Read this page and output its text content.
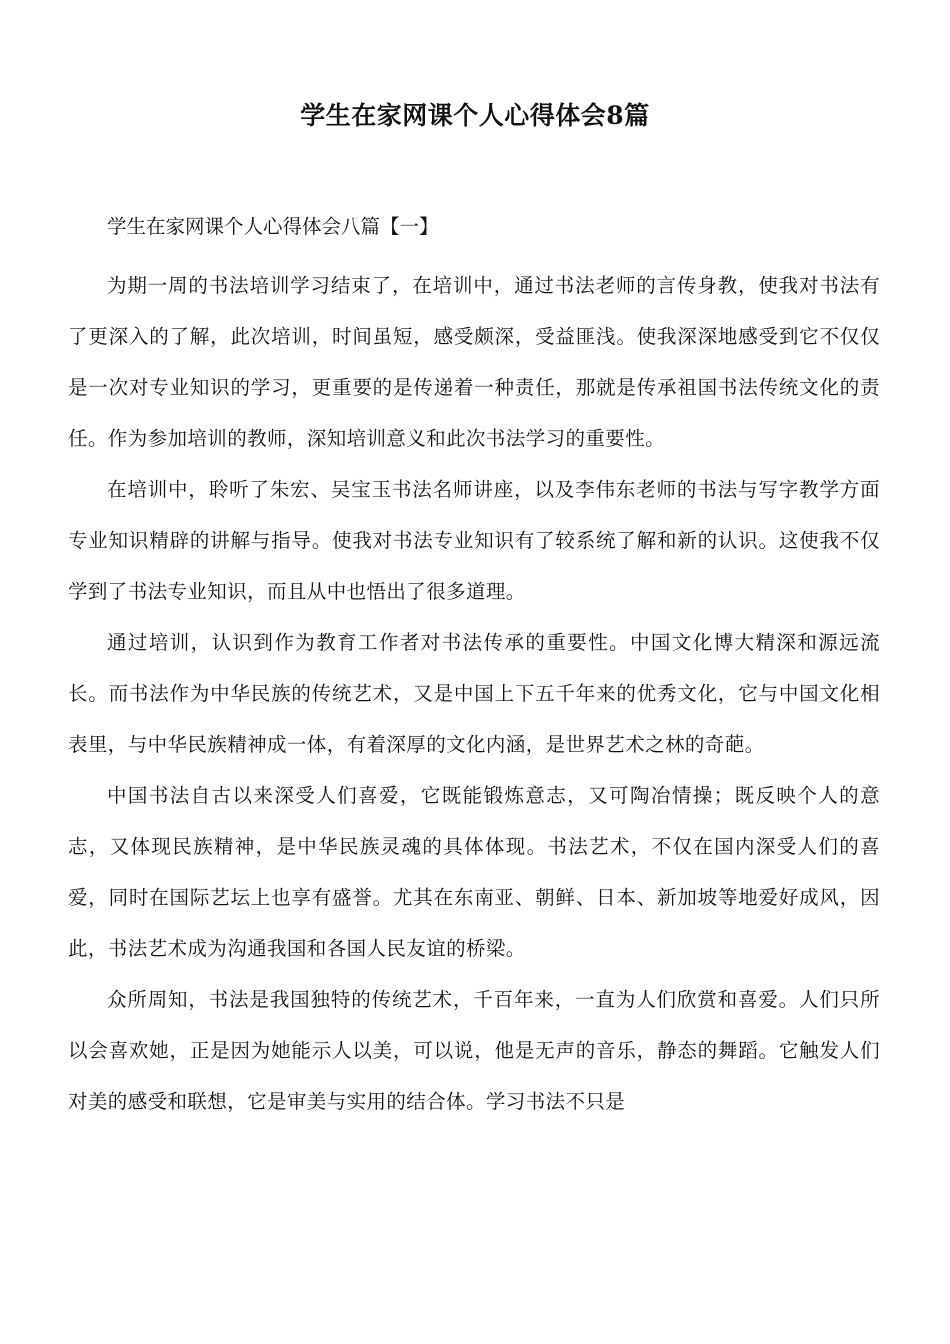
学生在家网课个人心得体会8篇

学生在家网课个人心得体会八篇【一】

为期一周的书法培训学习结束了，在培训中，通过书法老师的言传身教，使我对书法有了更深入的了解，此次培训，时间虽短，感受颇深，受益匪浅。使我深深地感受到它不仅仅是一次对专业知识的学习，更重要的是传递着一种责任，那就是传承祖国书法传统文化的责任。作为参加培训的教师，深知培训意义和此次书法学习的重要性。

在培训中，聆听了朱宏、吴宝玉书法名师讲座，以及李伟东老师的书法与写字教学方面专业知识精辟的讲解与指导。使我对书法专业知识有了较系统了解和新的认识。这使我不仅学到了书法专业知识，而且从中也悟出了很多道理。

通过培训，认识到作为教育工作者对书法传承的重要性。中国文化博大精深和源远流长。而书法作为中华民族的传统艺术，又是中国上下五千年来的优秀文化，它与中国文化相表里，与中华民族精神成一体，有着深厚的文化内涵，是世界艺术之林的奇葩。

中国书法自古以来深受人们喜爱，它既能锻炼意志，又可陶冶情操；既反映个人的意志，又体现民族精神，是中华民族灵魂的具体体现。书法艺术，不仅在国内深受人们的喜爱，同时在国际艺坛上也享有盛誉。尤其在东南亚、朝鲜、日本、新加坡等地爱好成风，因此，书法艺术成为沟通我国和各国人民友谊的桥梁。

众所周知，书法是我国独特的传统艺术，千百年来，一直为人们欣赏和喜爱。人们只所以会喜欢她，正是因为她能示人以美，可以说，他是无声的音乐，静态的舞蹈。它触发人们对美的感受和联想，它是审美与实用的结合体。学习书法不只是
